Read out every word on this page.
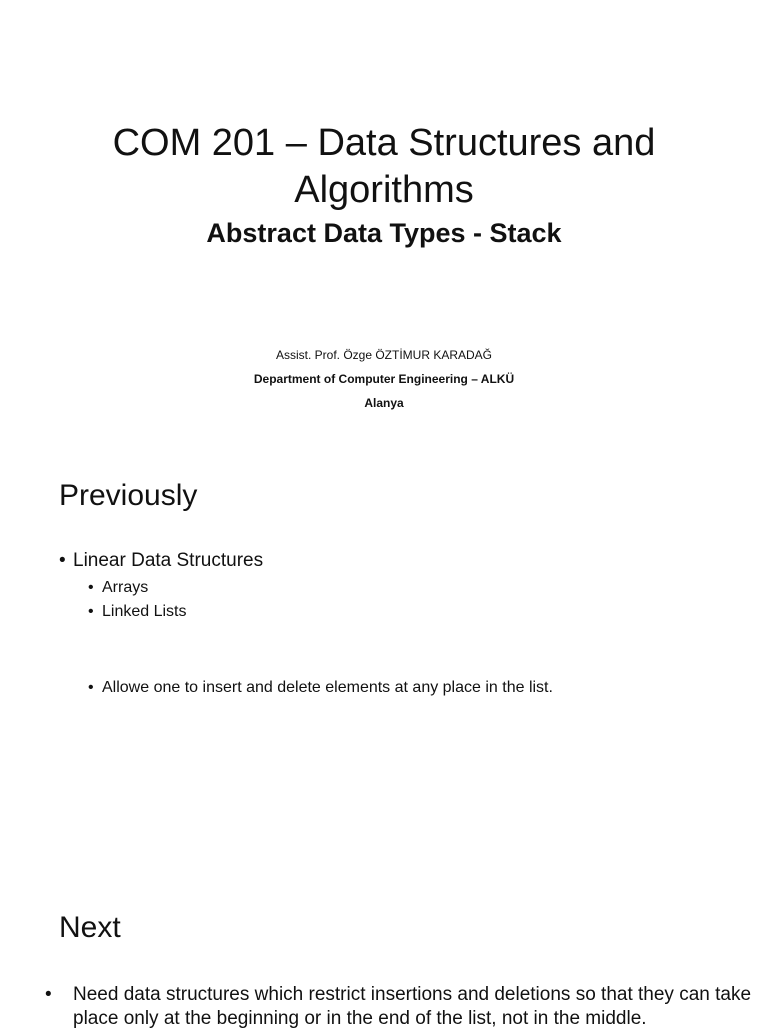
COM 201 – Data Structures and
Algorithms
Abstract Data Types - Stack
Assist. Prof. Özge ÖZTİMUR KARADAĞ
Department of Computer Engineering – ALKÜ
Alanya
Previously
• Linear Data Structures
• Arrays
• Linked Lists
• Allowe one to insert and delete elements at any place in the list.
Next
• Need data structures which restrict insertions and deletions so that they can take place only at the beginning or in the end of the list, not in the middle.
